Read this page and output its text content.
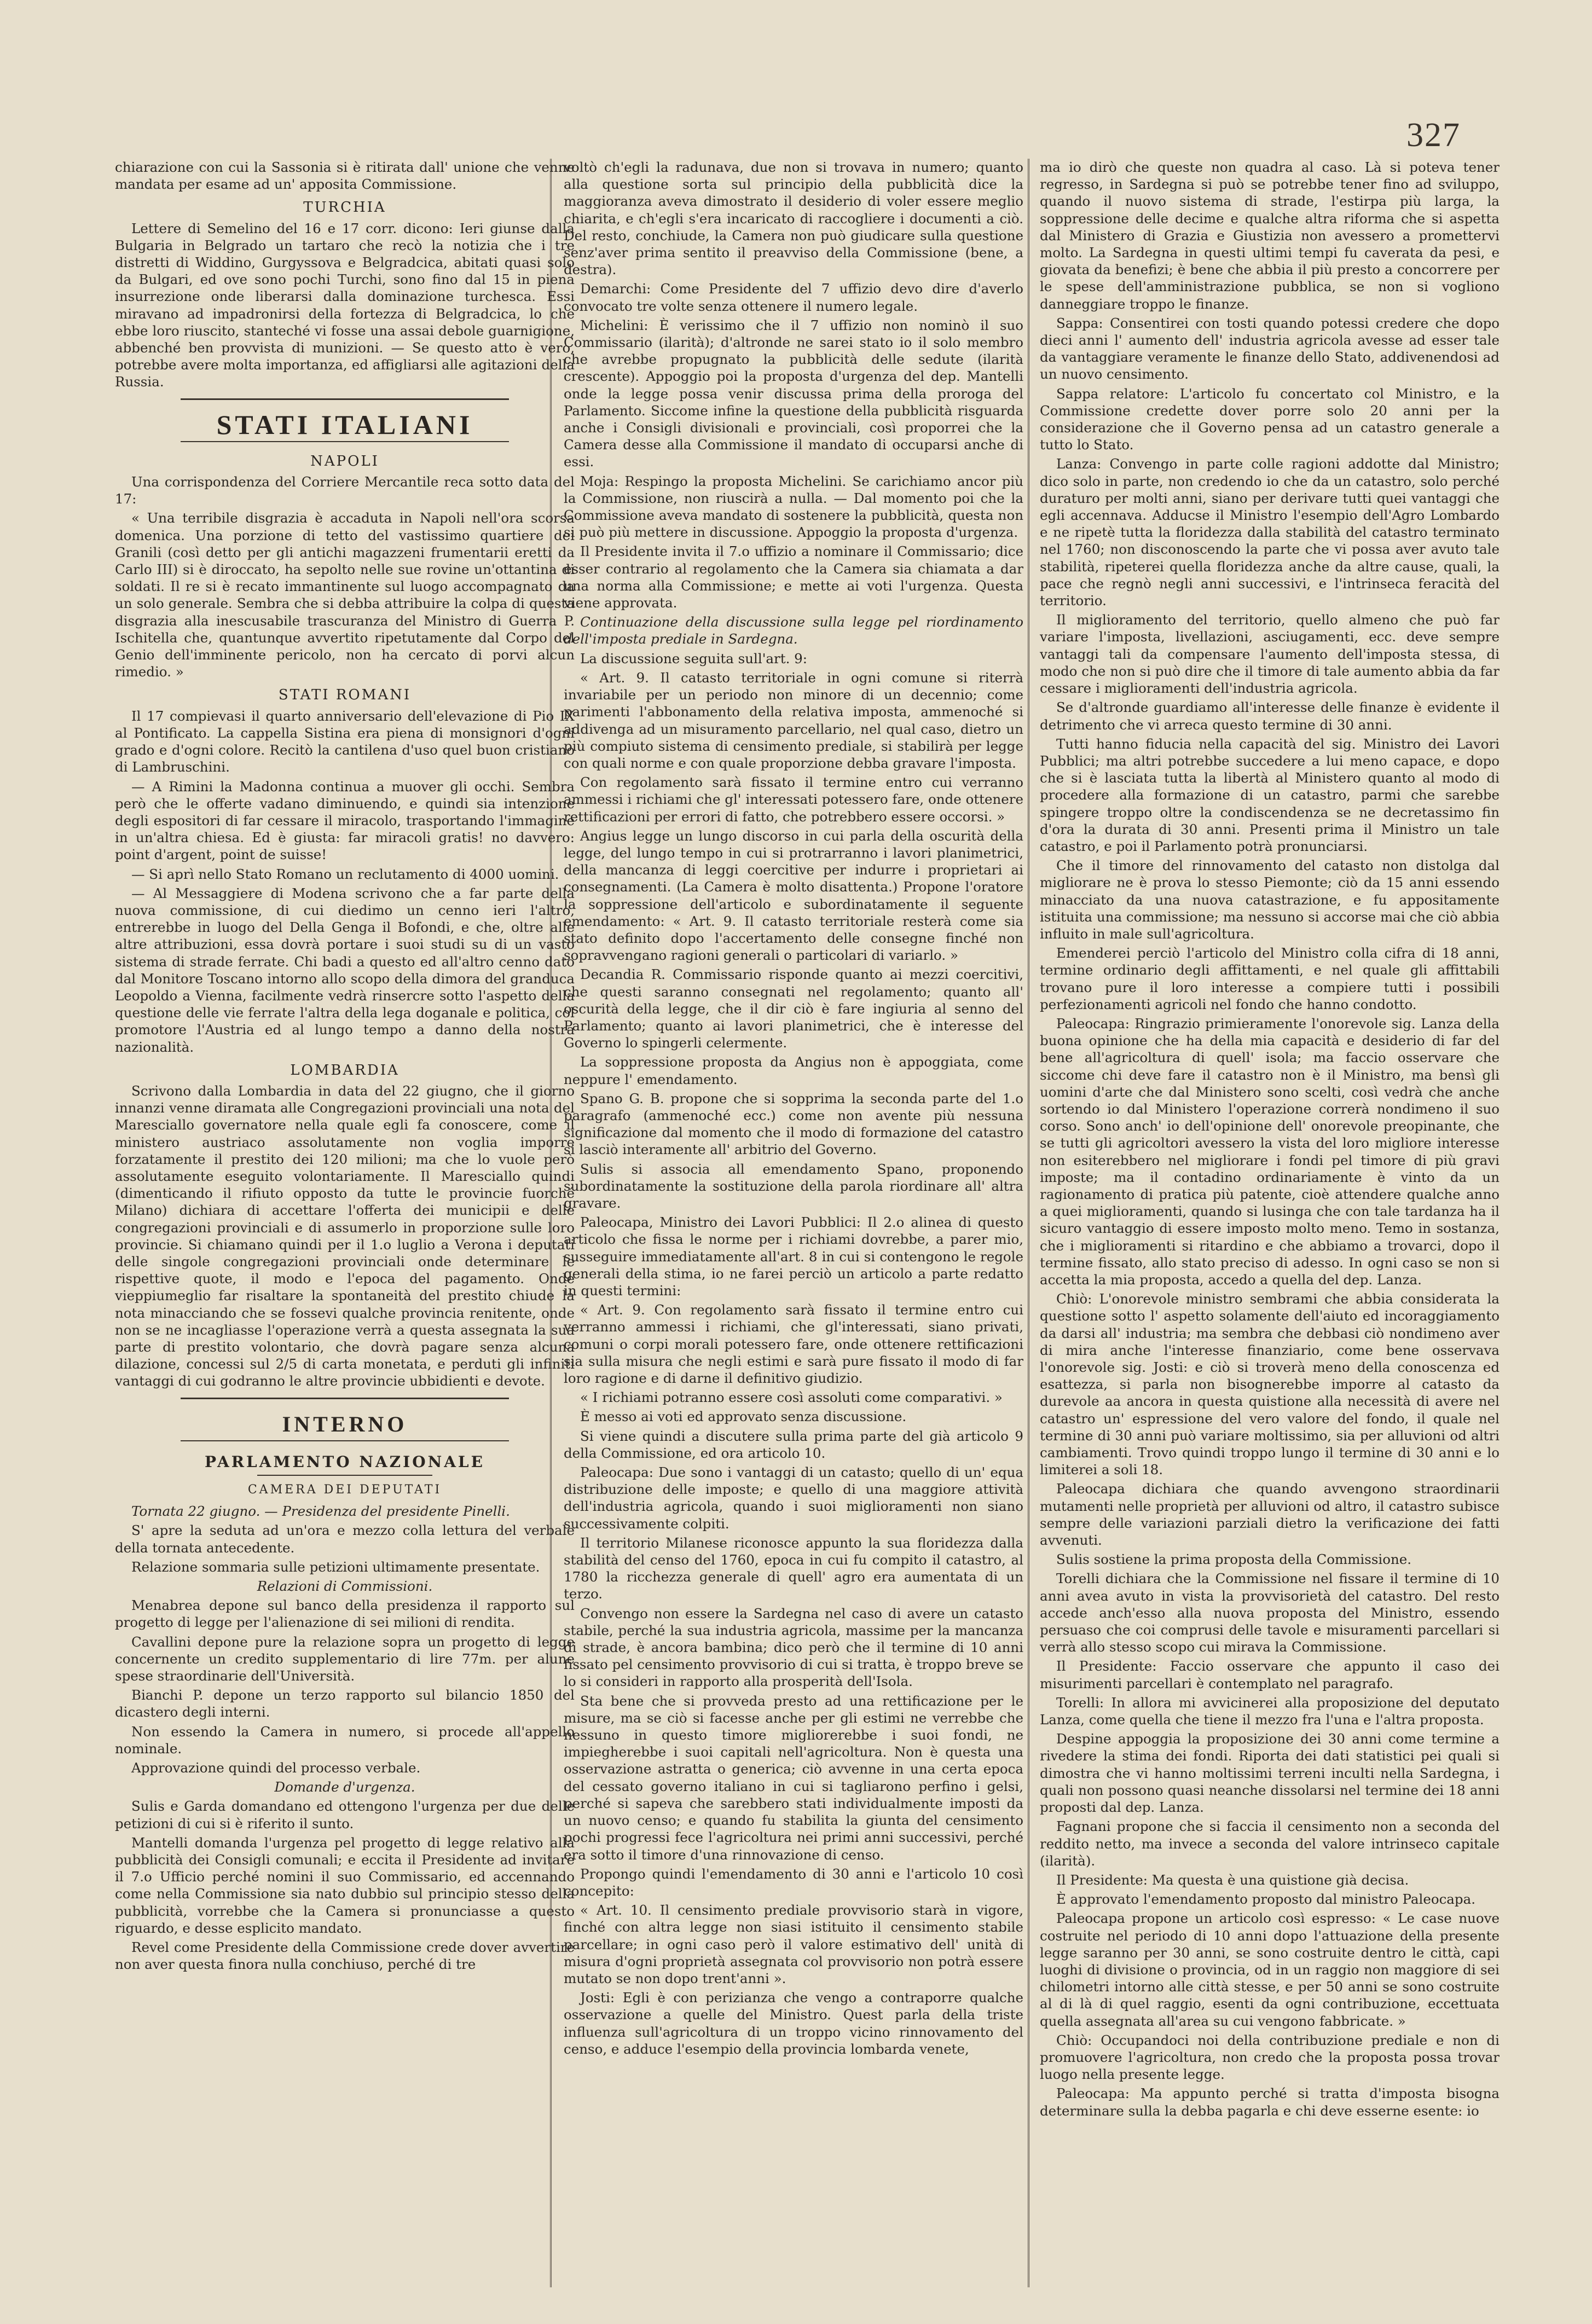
327

chiarazione con cui la Sassonia si è ritirata dall' unione che venne mandata per esame ad un' apposita Commissione.

TURCHIA

Lettere di Semelino del 16 e 17 corr. dicono: Ieri giunse dalla Bulgaria in Belgrado un tartaro che recò la notizia che i tre distretti di Widdino, Gurgyssova e Belgradcica, abitati quasi solo da Bulgari, ed ove sono pochi Turchi, sono fino dal 15 in piena insurrezione onde liberarsi dalla dominazione turchesca. Essi miravano ad impadronirsi della fortezza di Belgradcica, lo che ebbe loro riuscito, stanteché vi fosse una assai debole guarnigione, abbenché ben provvista di munizioni. — Se questo atto è vero, potrebbe avere molta importanza, ed affigliarsi alle agitazioni della Russia.

STATI ITALIANI
NAPOLI

Una corrispondenza del Corriere Mercantile reca sotto data del 17:

« Una terribile disgrazia è accaduta in Napoli nell'ora scorsa domenica. Una porzione di tetto del vastissimo quartiere dei Granili (così detto per gli antichi magazzeni frumentarii eretti da Carlo III) si è diroccato, ha sepolto nelle sue rovine un'ottantina di soldati. Il re si è recato immantinente sul luogo accompagnato da un solo generale. Sembra che si debba attribuire la colpa di questa disgrazia alla inescusabile trascuranza del Ministro di Guerra P. Ischitella che, quantunque avvertito ripetutamente dal Corpo del Genio dell'imminente pericolo, non ha cercato di porvi alcun rimedio. »

STATI ROMANI

Il 17 compievasi il quarto anniversario dell'elevazione di Pio IX al Pontificato. La cappella Sistina era piena di monsignori d'ogni grado e d'ogni colore. Recitò la cantilena d'uso quel buon cristiano di Lambruschini.

— A Rimini la Madonna continua a muover gli occhi. Sembra però che le offerte vadano diminuendo, e quindi sia intenzione degli espositori di far cessare il miracolo, trasportando l'immagine in un'altra chiesa. Ed è giusta: far miracoli gratis! no davvero: point d'argent, point de suisse!

— Si aprì nello Stato Romano un reclutamento di 4000 uomini.

— Al Messaggiere di Modena scrivono che a far parte della nuova commissione, di cui diedimo un cenno ieri l'altro, entrerebbe in luogo del Della Genga il Bofondi, e che, oltre alle altre attribuzioni, essa dovrà portare i suoi studi su di un vasto sistema di strade ferrate. Chi badi a questo ed all'altro cenno dato dal Monitore Toscano intorno allo scopo della dimora del granduca Leopoldo a Vienna, facilmente vedrà rinsercre sotto l'aspetto della questione delle vie ferrate l'altra della lega doganale e politica, col promotore l'Austria ed al lungo tempo a danno della nostra nazionalità.

LOMBARDIA

Scrivono dalla Lombardia in data del 22 giugno, che il giorno innanzi venne diramata alle Congregazioni provinciali una nota del Maresciallo governatore nella quale egli fa conoscere, come il ministero austriaco assolutamente non voglia imporre forzatamente il prestito dei 120 milioni; ma che lo vuole però assolutamente eseguito volontariamente. Il Maresciallo quindi (dimenticando il rifiuto opposto da tutte le provincie fuorché Milano) dichiara di accettare l'offerta dei municipii e delle congregazioni provinciali e di assumerlo in proporzione sulle loro provincie. Si chiamano quindi per il 1.o luglio a Verona i deputati delle singole congregazioni provinciali onde determinare le rispettive quote, il modo e l'epoca del pagamento. Onde vieppiumeglio far risaltare la spontaneità del prestito chiude la nota minacciando che se fossevi qualche provincia renitente, onde non se ne incagliasse l'operazione verrà a questa assegnata la sua parte di prestito volontario, che dovrà pagare senza alcuna dilazione, concessi sul 2/5 di carta monetata, e perduti gli infiniti vantaggi di cui godranno le altre provincie ubbidienti e devote.

INTERNO
PARLAMENTO NAZIONALE
CAMERA DEI DEPUTATI

Tornata 22 giugno. — Presidenza del presidente Pinelli.

S' apre la seduta ad un'ora e mezzo colla lettura del verbale della tornata antecedente.

Relazione sommaria sulle petizioni ultimamente presentate.

Relazioni di Commissioni.

Menabrea depone sul banco della presidenza il rapporto sul progetto di legge per l'alienazione di sei milioni di rendita.

Cavallini depone pure la relazione sopra un progetto di legge concernente un credito supplementario di lire 77m. per alune spese straordinarie dell'Università.

Bianchi P. depone un terzo rapporto sul bilancio 1850 del dicastero degli interni.

Non essendo la Camera in numero, si procede all'appello nominale.

Approvazione quindi del processo verbale.

Domande d'urgenza.

Sulis e Garda domandano ed ottengono l'urgenza per due delle petizioni di cui si è riferito il sunto.

Mantelli domanda l'urgenza pel progetto di legge relativo alla pubblicità dei Consigli comunali; e eccita il Presidente ad invitare il 7.o Ufficio perché nomini il suo Commissario, ed accennando come nella Commissione sia nato dubbio sul principio stesso della pubblicità, vorrebbe che la Camera si pronunciasse a questo riguardo, e desse esplicito mandato.

Revel come Presidente della Commissione crede dover avvertire non aver questa finora nulla conchiuso, perché di tre

voltò ch'egli la radunava, due non si trovava in numero; quanto alla questione sorta sul principio della pubblicità dice la maggioranza aveva dimostrato il desiderio di voler essere meglio chiarita, e ch'egli s'era incaricato di raccogliere i documenti a ciò. Del resto, conchiude, la Camera non può giudicare sulla questione senz'aver prima sentito il preavviso della Commissione (bene, a destra).

Demarchi: Come Presidente del 7 uffizio devo dire d'averlo convocato tre volte senza ottenere il numero legale.

Michelini: È verissimo che il 7 uffizio non nominò il suo Commissario (ilarità); d'altronde ne sarei stato io il solo membro che avrebbe propugnato la pubblicità delle sedute (ilarità crescente). Appoggio poi la proposta d'urgenza del dep. Mantelli onde la legge possa venir discussa prima della proroga del Parlamento. Siccome infine la questione della pubblicità risguarda anche i Consigli divisionali e provinciali, così proporrei che la Camera desse alla Commissione il mandato di occuparsi anche di essi.

Moja: Respingo la proposta Michelini. Se carichiamo ancor più la Commissione, non riuscirà a nulla. — Dal momento poi che la Commissione aveva mandato di sostenere la pubblicità, questa non si può più mettere in discussione. Appoggio la proposta d'urgenza.

Il Presidente invita il 7.o uffizio a nominare il Commissario; dice esser contrario al regolamento che la Camera sia chiamata a dar una norma alla Commissione; e mette ai voti l'urgenza. Questa viene approvata.

Continuazione della discussione sulla legge pel riordinamento dell'imposta prediale in Sardegna.

La discussione seguita sull'art. 9:

« Art. 9. Il catasto territoriale in ogni comune si riterrà invariabile per un periodo non minore di un decennio; come parimenti l'abbonamento della relativa imposta, ammenoché si addivenga ad un misuramento parcellario, nel qual caso, dietro un più compiuto sistema di censimento prediale, si stabilirà per legge con quali norme e con quale proporzione debba gravare l'imposta.

Con regolamento sarà fissato il termine entro cui verranno ammessi i richiami che gl' interessati potessero fare, onde ottenere rettificazioni per errori di fatto, che potrebbero essere occorsi. »

Angius legge un lungo discorso in cui parla della oscurità della legge, del lungo tempo in cui si protrarranno i lavori planimetrici, della mancanza di leggi coercitive per indurre i proprietari ai consegnamenti. (La Camera è molto disattenta.) Propone l'oratore la soppressione dell'articolo e subordinatamente il seguente emendamento: « Art. 9. Il catasto territoriale resterà come sia stato definito dopo l'accertamento delle consegne finché non sopravvengano ragioni generali o particolari di variarlo. »

Decandia R. Commissario risponde quanto ai mezzi coercitivi, che questi saranno consegnati nel regolamento; quanto all' oscurità della legge, che il dir ciò è fare ingiuria al senno del Parlamento; quanto ai lavori planimetrici, che è interesse del Governo lo spingerli celermente.

La soppressione proposta da Angius non è appoggiata, come neppure l' emendamento.

Spano G. B. propone che si sopprima la seconda parte del 1.o paragrafo (ammenoché ecc.) come non avente più nessuna significazione dal momento che il modo di formazione del catastro si lasciò interamente all' arbitrio del Governo.

Sulis si associa all emendamento Spano, proponendo subordinatamente la sostituzione della parola riordinare all' altra gravare.

Paleocapa, Ministro dei Lavori Pubblici: Il 2.o alinea di questo articolo che fissa le norme per i richiami dovrebbe, a parer mio, susseguire immediatamente all'art. 8 in cui si contengono le regole generali della stima, io ne farei perciò un articolo a parte redatto in questi termini:

« Art. 9. Con regolamento sarà fissato il termine entro cui verranno ammessi i richiami, che gl'interessati, siano privati, comuni o corpi morali potessero fare, onde ottenere rettificazioni sia sulla misura che negli estimi e sarà pure fissato il modo di far loro ragione e di darne il definitivo giudizio.

« I richiami potranno essere così assoluti come comparativi. »

È messo ai voti ed approvato senza discussione.

Si viene quindi a discutere sulla prima parte del già articolo 9 della Commissione, ed ora articolo 10.

Paleocapa: Due sono i vantaggi di un catasto; quello di un' equa distribuzione delle imposte; e quello di una maggiore attività dell'industria agricola, quando i suoi miglioramenti non siano successivamente colpiti.

Il territorio Milanese riconosce appunto la sua floridezza dalla stabilità del censo del 1760, epoca in cui fu compito il catastro, al 1780 la ricchezza generale di quell' agro era aumentata di un terzo.

Convengo non essere la Sardegna nel caso di avere un catasto stabile, perché la sua industria agricola, massime per la mancanza di strade, è ancora bambina; dico però che il termine di 10 anni fissato pel censimento provvisorio di cui si tratta, è troppo breve se lo si consideri in rapporto alla prosperità dell'Isola.

Sta bene che si provveda presto ad una rettificazione per le misure, ma se ciò si facesse anche per gli estimi ne verrebbe che nessuno in questo timore migliorerebbe i suoi fondi, ne impiegherebbe i suoi capitali nell'agricoltura. Non è questa una osservazione astratta o generica; ciò avvenne in una certa epoca del cessato governo italiano in cui si tagliarono perfino i gelsi, perché si sapeva che sarebbero stati individualmente imposti da un nuovo censo; e quando fu stabilita la giunta del censimento pochi progressi fece l'agricoltura nei primi anni successivi, perché era sotto il timore d'una rinnovazione di censo.

Propongo quindi l'emendamento di 30 anni e l'articolo 10 così concepito:

« Art. 10. Il censimento prediale provvisorio starà in vigore, finché con altra legge non siasi istituito il censimento stabile parcellare; in ogni caso però il valore estimativo dell' unità di misura d'ogni proprietà assegnata col provvisorio non potrà essere mutato se non dopo trent'anni ».

Josti: Egli è con perizianza che vengo a contraporre qualche osservazione a quelle del Ministro. Quest parla della triste influenza sull'agricoltura di un troppo vicino rinnovamento del censo, e adduce l'esempio della provincia lombarda venete,

ma io dirò che queste non quadra al caso. Là si poteva tener regresso, in Sardegna si può se potrebbe tener fino ad sviluppo, quando il nuovo sistema di strade, l'estirpa più larga, la soppressione delle decime e qualche altra riforma che si aspetta dal Ministero di Grazia e Giustizia non avessero a promettervi molto. La Sardegna in questi ultimi tempi fu caverata da pesi, e giovata da benefizi; è bene che abbia il più presto a concorrere per le spese dell'amministrazione pubblica, se non si vogliono danneggiare troppo le finanze.

Sappa: Consentirei con tosti quando potessi credere che dopo dieci anni l' aumento dell' industria agricola avesse ad esser tale da vantaggiare veramente le finanze dello Stato, addivenendosi ad un nuovo censimento.

Sappa relatore: L'articolo fu concertato col Ministro, e la Commissione credette dover porre solo 20 anni per la considerazione che il Governo pensa ad un catastro generale a tutto lo Stato.

Lanza: Convengo in parte colle ragioni addotte dal Ministro; dico solo in parte, non credendo io che da un catastro, solo perché duraturo per molti anni, siano per derivare tutti quei vantaggi che egli accennava. Adducse il Ministro l'esempio dell'Agro Lombardo e ne ripetè tutta la floridezza dalla stabilità del catastro terminato nel 1760; non disconoscendo la parte che vi possa aver avuto tale stabilità, ripeterei quella floridezza anche da altre cause, quali, la pace che regnò negli anni successivi, e l'intrinseca feracità del territorio.

Il miglioramento del territorio, quello almeno che può far variare l'imposta, livellazioni, asciugamenti, ecc. deve sempre vantaggi tali da compensare l'aumento dell'imposta stessa, di modo che non si può dire che il timore di tale aumento abbia da far cessare i miglioramenti dell'industria agricola.

Se d'altronde guardiamo all'interesse delle finanze è evidente il detrimento che vi arreca questo termine di 30 anni.

Tutti hanno fiducia nella capacità del sig. Ministro dei Lavori Pubblici; ma altri potrebbe succedere a lui meno capace, e dopo che si è lasciata tutta la libertà al Ministero quanto al modo di procedere alla formazione di un catastro, parmi che sarebbe spingere troppo oltre la condiscendenza se ne decretassimo fin d'ora la durata di 30 anni. Presenti prima il Ministro un tale catastro, e poi il Parlamento potrà pronunciarsi.

Che il timore del rinnovamento del catasto non distolga dal migliorare ne è prova lo stesso Piemonte; ciò da 15 anni essendo minacciato da una nuova catastrazione, e fu appositamente istituita una commissione; ma nessuno si accorse mai che ciò abbia influito in male sull'agricoltura.

Emenderei perciò l'articolo del Ministro colla cifra di 18 anni, termine ordinario degli affittamenti, e nel quale gli affittabili trovano pure il loro interesse a compiere tutti i possibili perfezionamenti agricoli nel fondo che hanno condotto.

Paleocapa: Ringrazio primieramente l'onorevole sig. Lanza della buona opinione che ha della mia capacità e desiderio di far del bene all'agricoltura di quell' isola; ma faccio osservare che siccome chi deve fare il catastro non è il Ministro, ma bensì gli uomini d'arte che dal Ministero sono scelti, così vedrà che anche sortendo io dal Ministero l'operazione correrà nondimeno il suo corso. Sono anch' io dell'opinione dell' onorevole preopinante, che se tutti gli agricoltori avessero la vista del loro migliore interesse non esiterebbero nel migliorare i fondi pel timore di più gravi imposte; ma il contadino ordinariamente è vinto da un ragionamento di pratica più patente, cioè attendere qualche anno a quei miglioramenti, quando si lusinga che con tale tardanza ha il sicuro vantaggio di essere imposto molto meno. Temo in sostanza, che i miglioramenti si ritardino e che abbiamo a trovarci, dopo il termine fissato, allo stato preciso di adesso. In ogni caso se non si accetta la mia proposta, accedo a quella del dep. Lanza.

Chiò: L'onorevole ministro sembrami che abbia considerata la questione sotto l' aspetto solamente dell'aiuto ed incoraggiamento da darsi all' industria; ma sembra che debbasi ciò nondimeno aver di mira anche l'interesse finanziario, come bene osservava l'onorevole sig. Josti: e ciò si troverà meno della conoscenza ed esattezza, si parla non bisognerebbe imporre al catasto da durevole aa ancora in questa quistione alla necessità di avere nel catastro un' espressione del vero valore del fondo, il quale nel termine di 30 anni può variare moltissimo, sia per alluvioni od altri cambiamenti. Trovo quindi troppo lungo il termine di 30 anni e lo limiterei a soli 18.

Paleocapa dichiara che quando avvengono straordinarii mutamenti nelle proprietà per alluvioni od altro, il catastro subisce sempre delle variazioni parziali dietro la verificazione dei fatti avvenuti.

Sulis sostiene la prima proposta della Commissione.

Torelli dichiara che la Commissione nel fissare il termine di 10 anni avea avuto in vista la provvisorietà del catastro. Del resto accede anch'esso alla nuova proposta del Ministro, essendo persuaso che coi comprusi delle tavole e misuramenti parcellari si verrà allo stesso scopo cui mirava la Commissione.

Il Presidente: Faccio osservare che appunto il caso dei misurimenti parcellari è contemplato nel paragrafo.

Torelli: In allora mi avvicinerei alla proposizione del deputato Lanza, come quella che tiene il mezzo fra l'una e l'altra proposta.

Despine appoggia la proposizione dei 30 anni come termine a rivedere la stima dei fondi. Riporta dei dati statistici pei quali si dimostra che vi hanno moltissimi terreni inculti nella Sardegna, i quali non possono quasi neanche dissolarsi nel termine dei 18 anni proposti dal dep. Lanza.

Fagnani propone che si faccia il censimento non a seconda del reddito netto, ma invece a seconda del valore intrinseco capitale (ilarità).

Il Presidente: Ma questa è una quistione già decisa.

È approvato l'emendamento proposto dal ministro Paleocapa.

Paleocapa propone un articolo così espresso: « Le case nuove costruite nel periodo di 10 anni dopo l'attuazione della presente legge saranno per 30 anni, se sono costruite dentro le città, capi luoghi di divisione o provincia, od in un raggio non maggiore di sei chilometri intorno alle città stesse, e per 50 anni se sono costruite al di là di quel raggio, esenti da ogni contribuzione, eccettuata quella assegnata all'area su cui vengono fabbricate. »

Chiò: Occupandoci noi della contribuzione prediale e non di promuovere l'agricoltura, non credo che la proposta possa trovar luogo nella presente legge.

Paleocapa: Ma appunto perché si tratta d'imposta bisogna determinare sulla la debba pagarla e chi deve esserne esente: io
